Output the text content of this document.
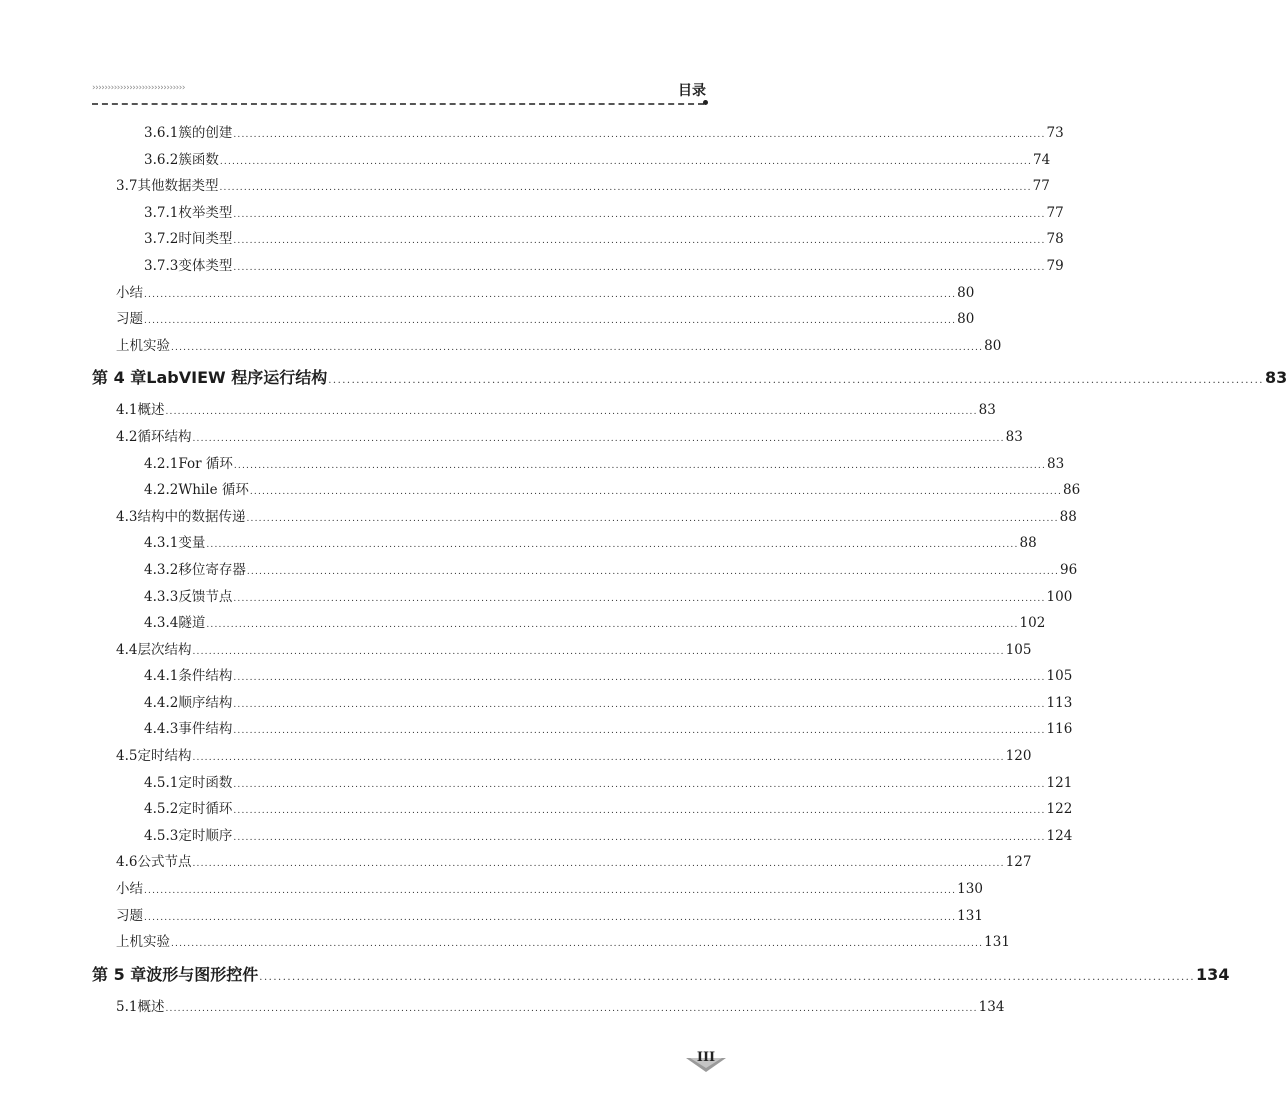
››››››››››››››››››››››››››››››	目录
3.6.1 簇的创建 ........................................................................................................................................................................................................ 73
3.6.2 簇函数 ........................................................................................................................................................................................................ 74
3.7 其他数据类型 ........................................................................................................................................................................................................ 77
3.7.1 枚举类型 ........................................................................................................................................................................................................ 77
3.7.2 时间类型 ........................................................................................................................................................................................................ 78
3.7.3 变体类型 ........................................................................................................................................................................................................ 79
小结 ........................................................................................................................................................................................................ 80
习题 ........................................................................................................................................................................................................ 80
上机实验 ........................................................................................................................................................................................................ 80
第 4 章 LabVIEW 程序运行结构 ........................................................................................................................................................................................................ 83
4.1 概述 ........................................................................................................................................................................................................ 83
4.2 循环结构 ........................................................................................................................................................................................................ 83
4.2.1 For 循环 ........................................................................................................................................................................................................ 83
4.2.2 While 循环 ........................................................................................................................................................................................................ 86
4.3 结构中的数据传递 ........................................................................................................................................................................................................ 88
4.3.1 变量 ........................................................................................................................................................................................................ 88
4.3.2 移位寄存器 ........................................................................................................................................................................................................ 96
4.3.3 反馈节点 ........................................................................................................................................................................................................ 100
4.3.4 隧道 ........................................................................................................................................................................................................ 102
4.4 层次结构 ........................................................................................................................................................................................................ 105
4.4.1 条件结构 ........................................................................................................................................................................................................ 105
4.4.2 顺序结构 ........................................................................................................................................................................................................ 113
4.4.3 事件结构 ........................................................................................................................................................................................................ 116
4.5 定时结构 ........................................................................................................................................................................................................ 120
4.5.1 定时函数 ........................................................................................................................................................................................................ 121
4.5.2 定时循环 ........................................................................................................................................................................................................ 122
4.5.3 定时顺序 ........................................................................................................................................................................................................ 124
4.6 公式节点 ........................................................................................................................................................................................................ 127
小结 ........................................................................................................................................................................................................ 130
习题 ........................................................................................................................................................................................................ 131
上机实验 ........................................................................................................................................................................................................ 131
第 5 章 波形与图形控件 ........................................................................................................................................................................................................ 134
5.1 概述 ........................................................................................................................................................................................................ 134
III
